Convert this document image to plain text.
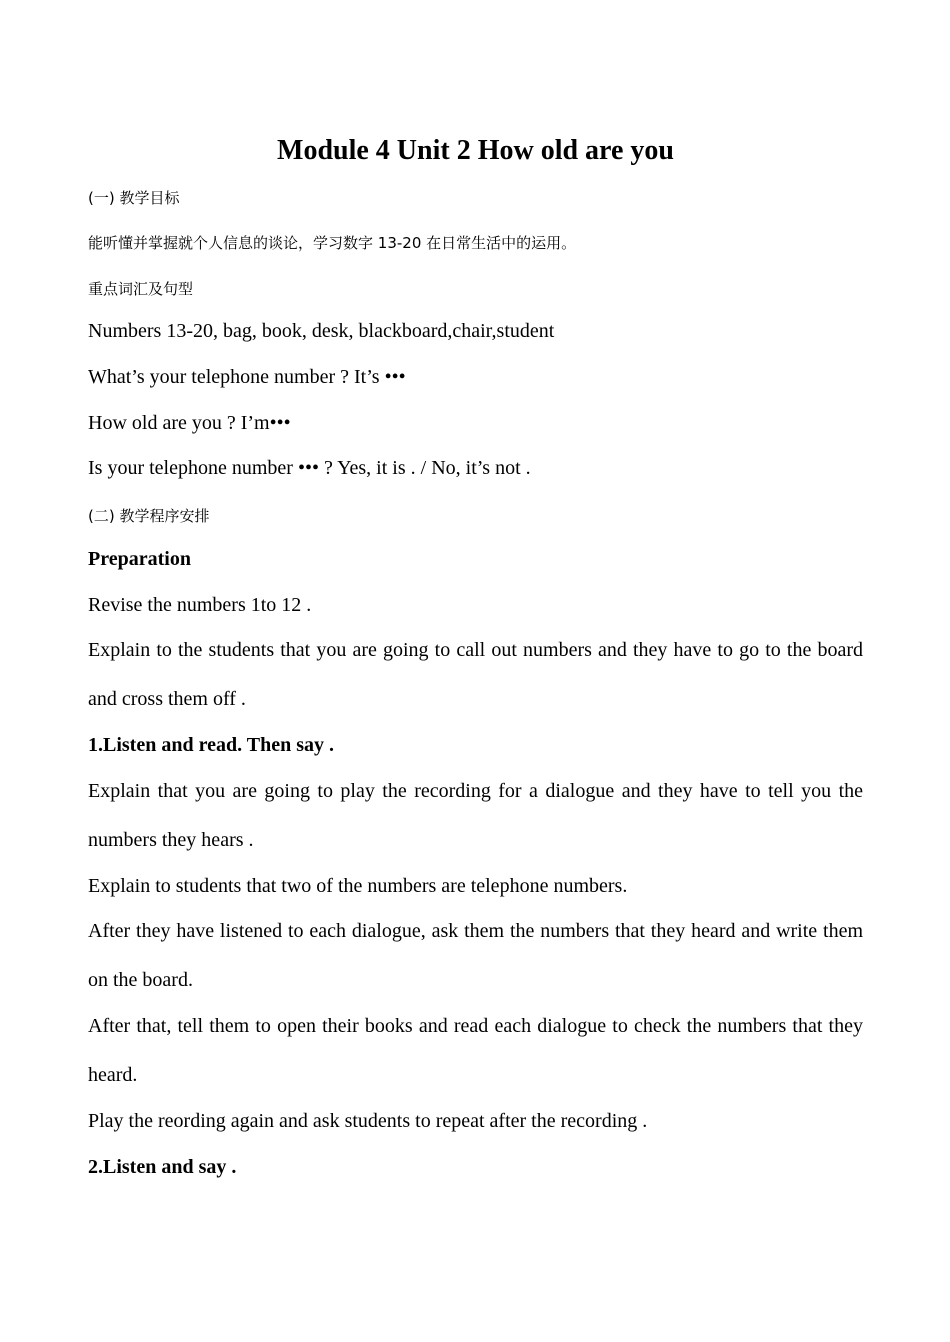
Module 4 Unit 2 How old are you

(一) 教学目标

能听懂并掌握就个人信息的谈论，学习数字 13-20 在日常生活中的运用。

重点词汇及句型

Numbers 13-20, bag, book, desk, blackboard,chair,student

What’s your telephone number ? It’s •••

How old are you ? I’m•••

Is your telephone number ••• ? Yes, it is . / No, it’s not .

(二) 教学程序安排

Preparation

Revise the numbers 1to 12 .

Explain to the students that you are going to call out numbers and they have to go to the board and cross them off .

1.Listen and read. Then say .

Explain that you are going to play the recording for a dialogue and they have to tell you the numbers they hears .

Explain to students that two of the numbers are telephone numbers.

After they have listened to each dialogue, ask them the numbers that they heard and write them on the board.

After that, tell them to open their books and read each dialogue to check the numbers that they heard.

Play the reording again and ask students to repeat after the recording .

2.Listen and say .
